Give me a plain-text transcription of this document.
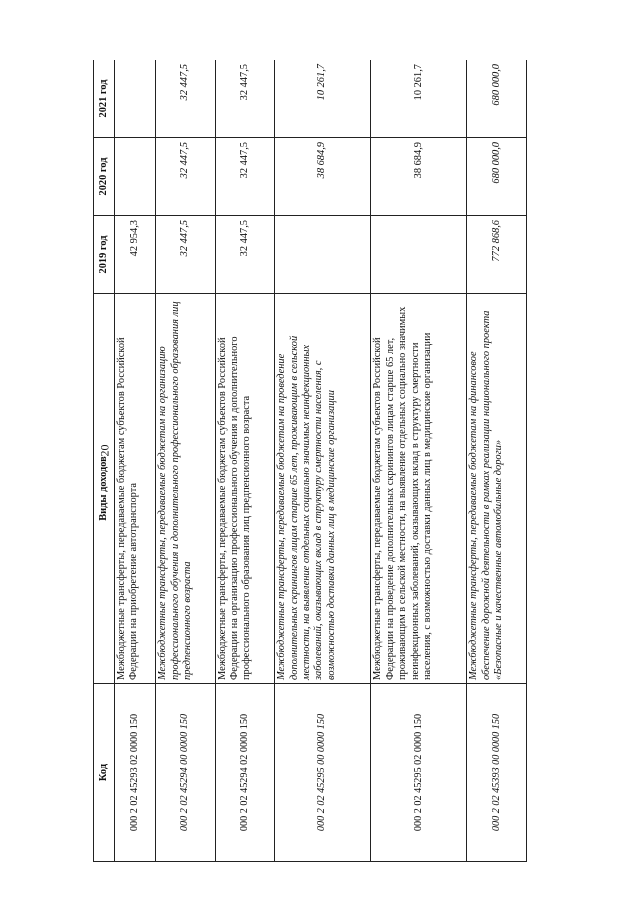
20
Код	Виды доходов	2019 год	2020 год	2021 год
000 2 02 45293 02 0000 150	Межбюджетные трансферты, передаваемые бюджетам субъектов Российской Федерации на приобретение автотранспорта	42 954,3		
000 2 02 45294 00 0000 150	Межбюджетные трансферты, передаваемые бюджетам на организацию профессионального обучения и дополнительного профессионального образования лиц предпенсионного возраста	32 447,5	32 447,5	32 447,5
000 2 02 45294 02 0000 150	Межбюджетные трансферты, передаваемые бюджетам субъектов Российской Федерации на организацию профессионального обучения и дополнительного профессионального образования лиц предпенсионного возраста	32 447,5	32 447,5	32 447,5
000 2 02 45295 00 0000 150	Межбюджетные трансферты, передаваемые бюджетам на проведение дополнительных скринингов лицам старше 65 лет, проживающим в сельской местности, на выявление отдельных социально значимых неинфекционных заболеваний, оказывающих вклад в структуру смертности населения, с возможностью доставки данных лиц в медицинские организации		38 684,9	10 261,7
000 2 02 45295 02 0000 150	Межбюджетные трансферты, передаваемые бюджетам субъектов Российской Федерации на проведение дополнительных скринингов лицам старше 65 лет, проживающим в сельской местности, на выявление отдельных социально значимых неинфекционных заболеваний, оказывающих вклад в структуру смертности населения, с возможностью доставки данных лиц в медицинские организации		38 684,9	10 261,7
000 2 02 45393 00 0000 150	Межбюджетные трансферты, передаваемые бюджетам на финансовое обеспечение дорожной деятельности в рамках реализации национального проекта «Безопасные и качественные автомобильные дороги»	772 868,6	680 000,0	680 000,0
